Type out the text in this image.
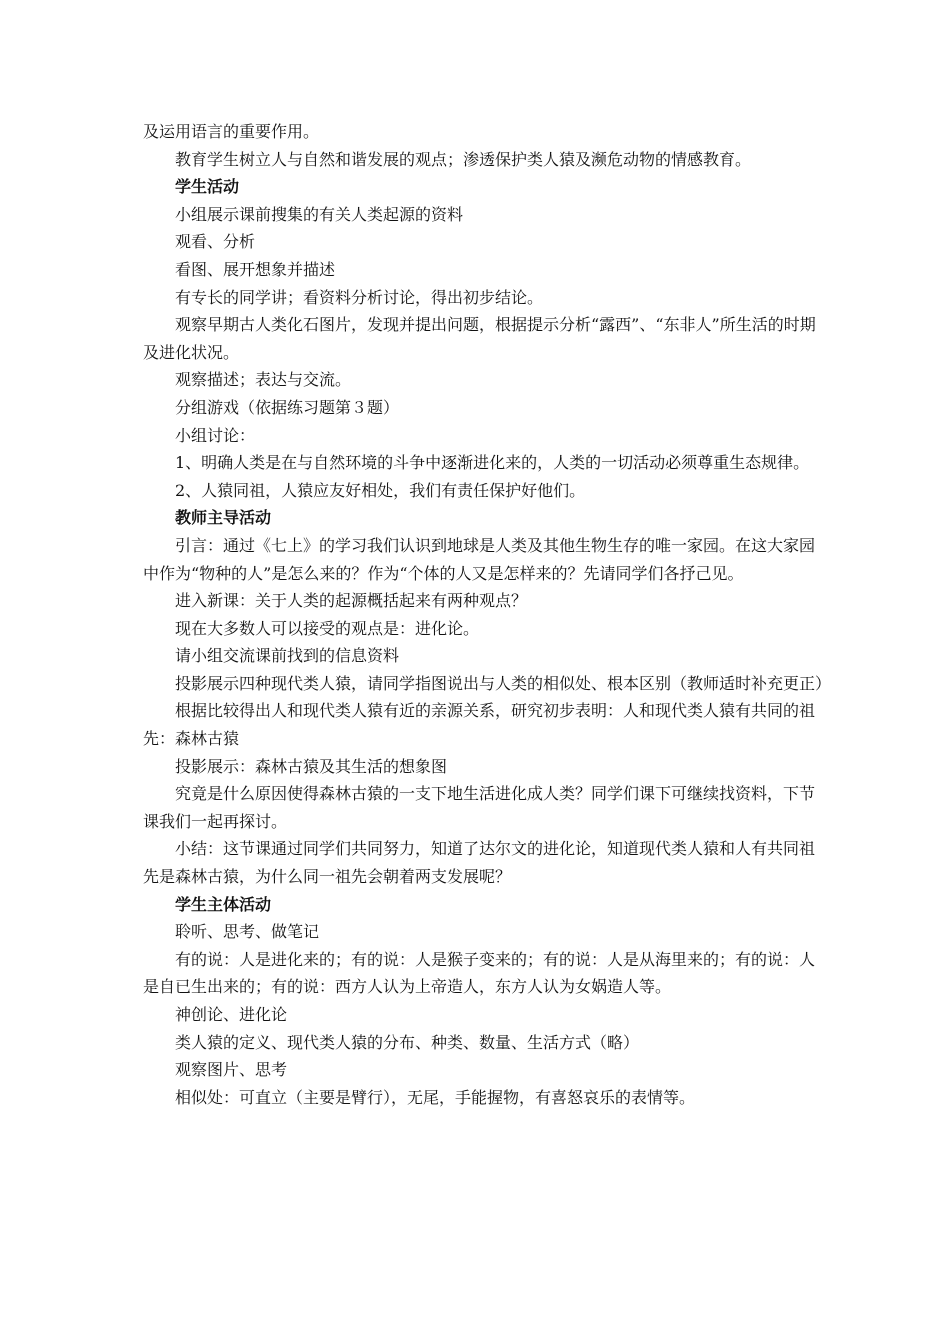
及运用语言的重要作用。

教育学生树立人与自然和谐发展的观点；渗透保护类人猿及濒危动物的情感教育。

学生活动

小组展示课前搜集的有关人类起源的资料

观看、分析

看图、展开想象并描述

有专长的同学讲；看资料分析讨论，得出初步结论。

观察早期古人类化石图片，发现并提出问题，根据提示分析“露西”、“东非人”所生活的时期及进化状况。

观察描述；表达与交流。

分组游戏（依据练习题第３题）

小组讨论：

1、明确人类是在与自然环境的斗争中逐渐进化来的，人类的一切活动必须尊重生态规律。

2、人猿同祖，人猿应友好相处，我们有责任保护好他们。

教师主导活动

引言：通过《七上》的学习我们认识到地球是人类及其他生物生存的唯一家园。在这大家园中作为“物种的人”是怎么来的？作为“个体的人又是怎样来的？先请同学们各抒己见。

进入新课：关于人类的起源概括起来有两种观点？

现在大多数人可以接受的观点是：进化论。

请小组交流课前找到的信息资料

投影展示四种现代类人猿，请同学指图说出与人类的相似处、根本区别（教师适时补充更正）

根据比较得出人和现代类人猿有近的亲源关系，研究初步表明：人和现代类人猿有共同的祖先：森林古猿

投影展示：森林古猿及其生活的想象图

究竟是什么原因使得森林古猿的一支下地生活进化成人类？同学们课下可继续找资料，下节课我们一起再探讨。

小结：这节课通过同学们共同努力，知道了达尔文的进化论，知道现代类人猿和人有共同祖先是森林古猿，为什么同一祖先会朝着两支发展呢？

学生主体活动

聆听、思考、做笔记

有的说：人是进化来的；有的说：人是猴子变来的；有的说：人是从海里来的；有的说：人是自已生出来的；有的说：西方人认为上帝造人，东方人认为女娲造人等。

神创论、进化论

类人猿的定义、现代类人猿的分布、种类、数量、生活方式（略）

观察图片、思考

相似处：可直立（主要是臂行），无尾，手能握物，有喜怒哀乐的表情等。
